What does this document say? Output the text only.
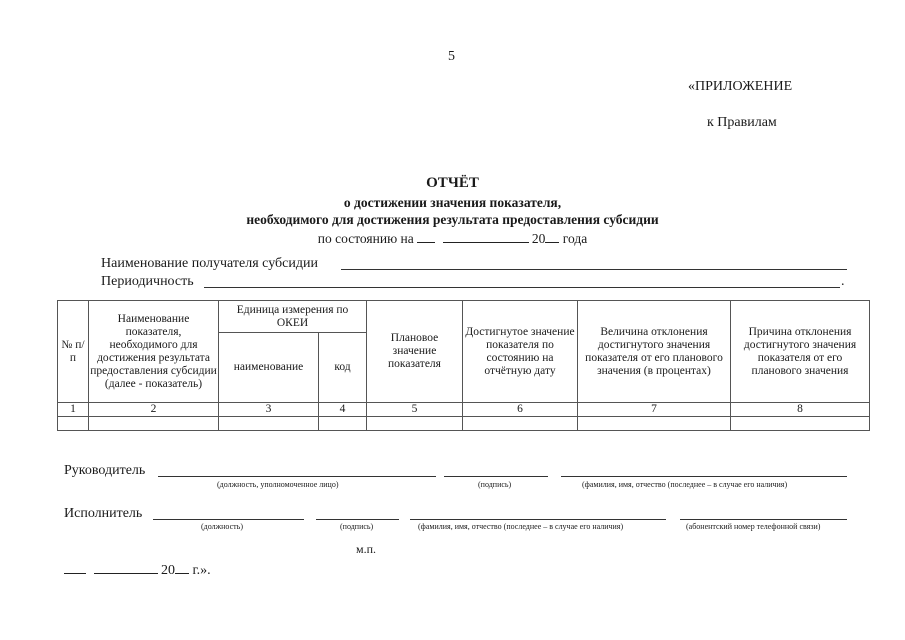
5
«ПРИЛОЖЕНИЕ
к Правилам
ОТЧЁТ
о достижении значения показателя,
необходимого для достижения результата предоставления субсидии
по состоянию на	20 года
Наименование получателя субсидии
Периодичность	.
№ п/п	Наименование показателя, необходимого для достижения результата предоставления субсидии (далее - показатель)	Единица измерения по ОКЕИ		Плановое значение показателя	Достигнутое значение показателя по состоянию на отчётную дату	Величина отклонения достигнутого значения показателя от его планового значения (в процентах)	Причина отклонения достигнутого значения показателя от его планового значения
		наименование	код				
1	2	3	4	5	6	7	8

Руководитель
(должность, уполномоченное лицо)	(подпись)	(фамилия, имя, отчество (последнее – в случае его наличия)
Исполнитель
(должность)	(подпись)	(фамилия, имя, отчество (последнее – в случае его наличия)	(абонентский номер телефонной связи)
м.п.
20 г.».
